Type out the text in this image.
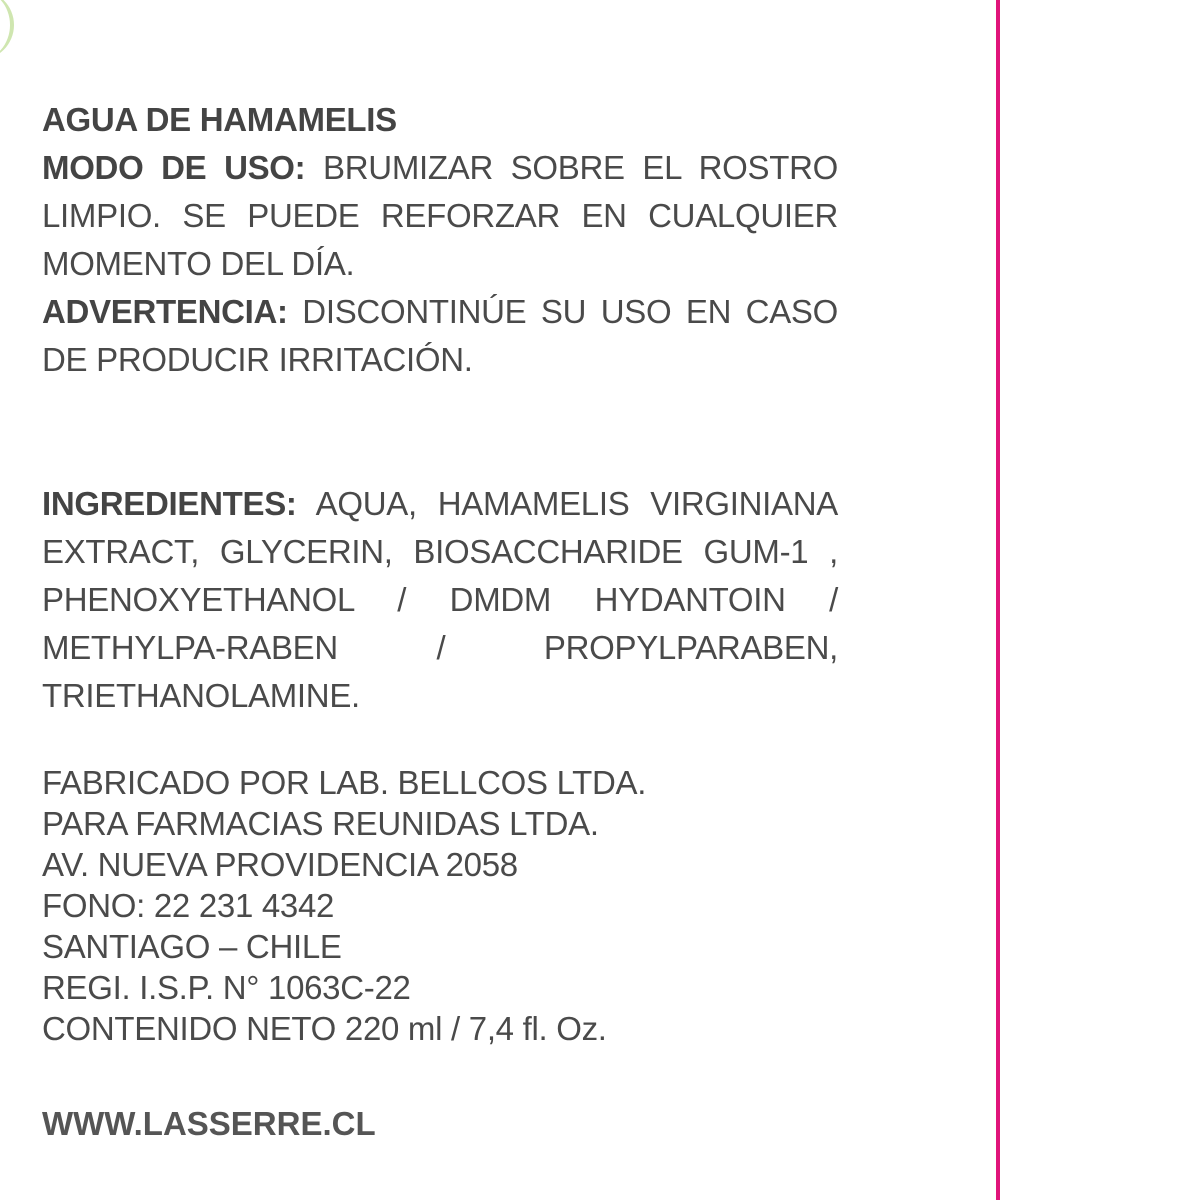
AGUA DE HAMAMELIS

MODO DE USO: BRUMIZAR SOBRE EL ROSTRO LIMPIO. SE PUEDE REFORZAR EN CUALQUIER MOMENTO DEL DÍA.

ADVERTENCIA: DISCONTINÚE SU USO EN CASO DE PRODUCIR IRRITACIÓN.

INGREDIENTES: AQUA, HAMAMELIS VIRGINIANA EXTRACT, GLYCERIN, BIOSACCHARIDE GUM-1 , PHENOXYETHANOL / DMDM HYDANTOIN / METHYLPA-RABEN / PROPYLPARABEN, TRIETHANOLAMINE.

FABRICADO POR LAB. BELLCOS LTDA.
PARA FARMACIAS REUNIDAS LTDA.
AV. NUEVA PROVIDENCIA 2058
FONO: 22 231 4342
SANTIAGO – CHILE
REGI. I.S.P. N° 1063C-22
CONTENIDO NETO 220 ml / 7,4 fl. Oz.
WWW.LASSERRE.CL
